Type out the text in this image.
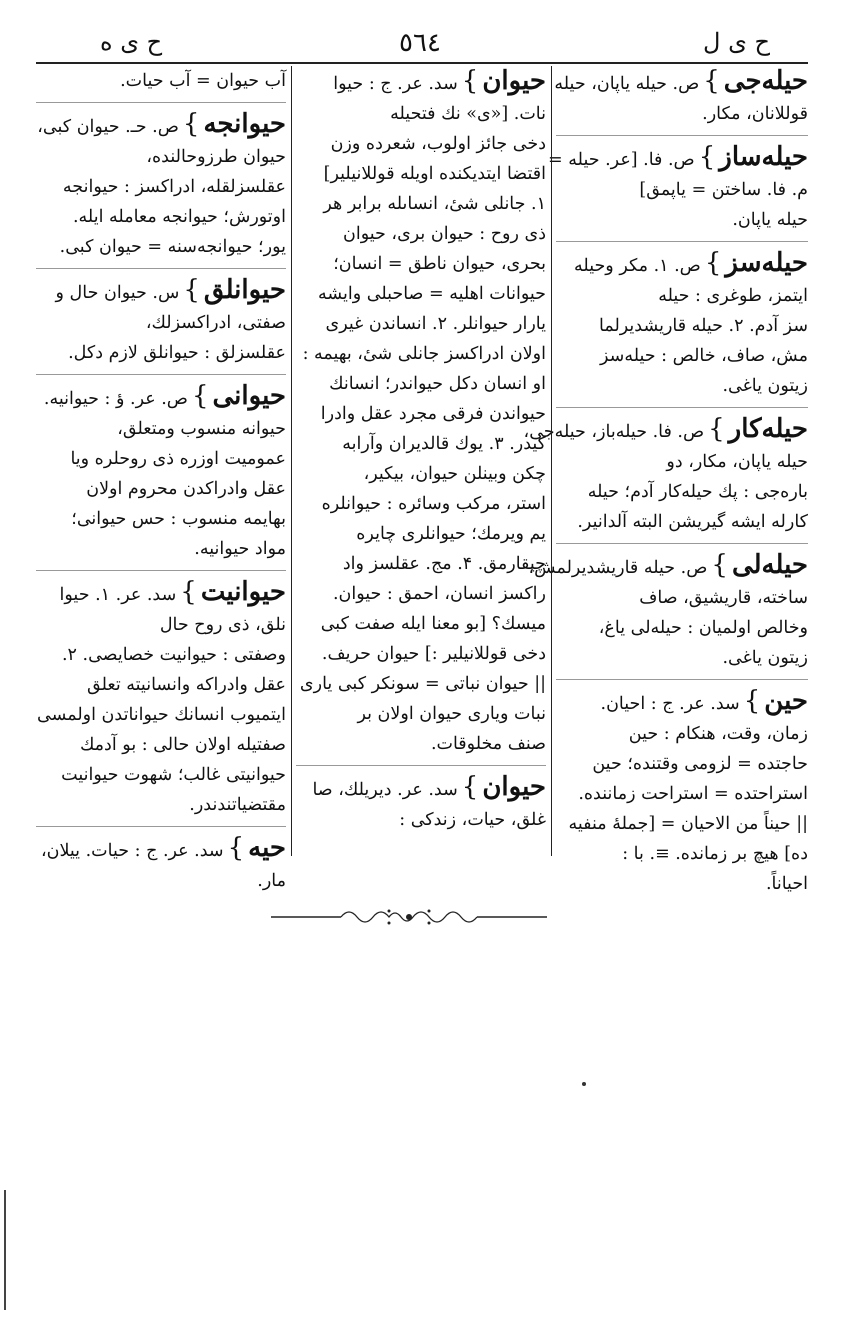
ح ى ل
٥٦٤
ح ى ه
حیله‌جی}ص. حیله یاپان، حیله
قوللانان، مکار.
حیله‌ساز}ص. فا. [عر. حیله =
م. فا. ساختن = یاپمق]
حیله یاپان.
حیله‌سز}ص. ۱. مکر وحیله
ایتمز، طوغری : حیله‌
سز آدم. ۲. حیله قاریشدیرلما‌
مش، صاف، خالص : حیله‌سز
زیتون یاغی.
حیله‌کار}ص. فا. حیله‌باز، حیله‌جی،
حیله یاپان، مکار، دو‌
باره‌جی : پك حیله‌کار آدم؛ حیله‌
کارله ایشه گیریشن البته آلدانیر.
حیله‌لی}ص. حیله قاریشدیرلمش،
ساخته، قاریشیق، صاف
وخالص اولمیان : حیله‌لی یاغ،
زیتون یاغی.
حین}سد. عر. ج : احیان.
زمان، وقت، هنکام : حین
حاجتده = لزومی وقتنده؛ حین
استراحتده = استراحت زماننده.
|| حیناً من الاحیان = [جملهٔ منفیه‌
ده] هیچ بر زمانده. ≡. با :
احیاناً.
حیوان}سد. عر. ج : حیوا‌
نات. [«ی» نك فتحیله
دخی جائز اولوب، شعرده وزن
اقتضا ایتدیکنده اویله قوللانیلیر]
۱. جانلی شیٔ، انساںله برابر هر
ذی روح : حیوان بری، حیوان
بحری، حیوان ناطق = انسان؛
حیوانات اهلیه = صاحبلی وایشه
یارار حیوانلر. ۲. انساندن غیری
اولان ادراکسز جانلی شیٔ، بهیمه :
او انسان دکل حیواندر؛ انسانك
حیواندن فرقی مجرد عقل وادرا‌
کیدر. ۳. یوك قالدیران وآرابه
چکن وبینلن حیوان، بیکیر،
استر، مرکب وسائره : حیوانلره
یم ویرمك؛ حیوانلری چایره
چیقارمق. ۴. مج. عقلسز واد‌
راکسز انسان، احمق : حیوان.
میسك؟ [بو معنا ایله صفت کبی
دخی قوللانیلیر :] حیوان حریف.
|| حیوان نباتی = سونکر کبی یاری
نبات ویاری حیوان اولان بر
صنف مخلوقات.
حیوان}سد. عر. دیریلك، صا‌
غلق، حیات، زندکی :
آب حیوان = آب حیات.
حیوانجه}ص. حـ. حیوان کبی،
حیوان طرزوحالنده،
عقلسزلقله، ادراکسز : حیوانجه
اوتورش؛ حیوانجه معامله ایله.
یور؛ حیوانجه‌سنه = حیوان کبی.
حیوانلق}س. حیوان حال و
صفتی، ادراکسزلك،
عقلسزلق : حیوانلق لازم دکل.
حیوانی}ص. عر. ؤ : حیوانیه.
حیوانه منسوب ومتعلق،
عمومیت اوزره ذی روحلره ویا
عقل وادراکدن محروم اولان
بهایمه منسوب : حس حیوانی؛
مواد حیوانیه.
حیوانیت}سد. عر. ۱. حیوا‌
نلق، ذی روح حال
وصفتی : حیوانیت خصایصی. ۲.
عقل وادراکه وانسانیته تعلق
ایتمیوب انسانك حیواناتدن اولمسی
صفتیله اولان حالی : بو آدمك
حیوانیتی غالب؛ شهوت حیوانیت
مقتضیاتندندر.
حیه}سد. عر. ج : حیات. ییلان،
مار.
